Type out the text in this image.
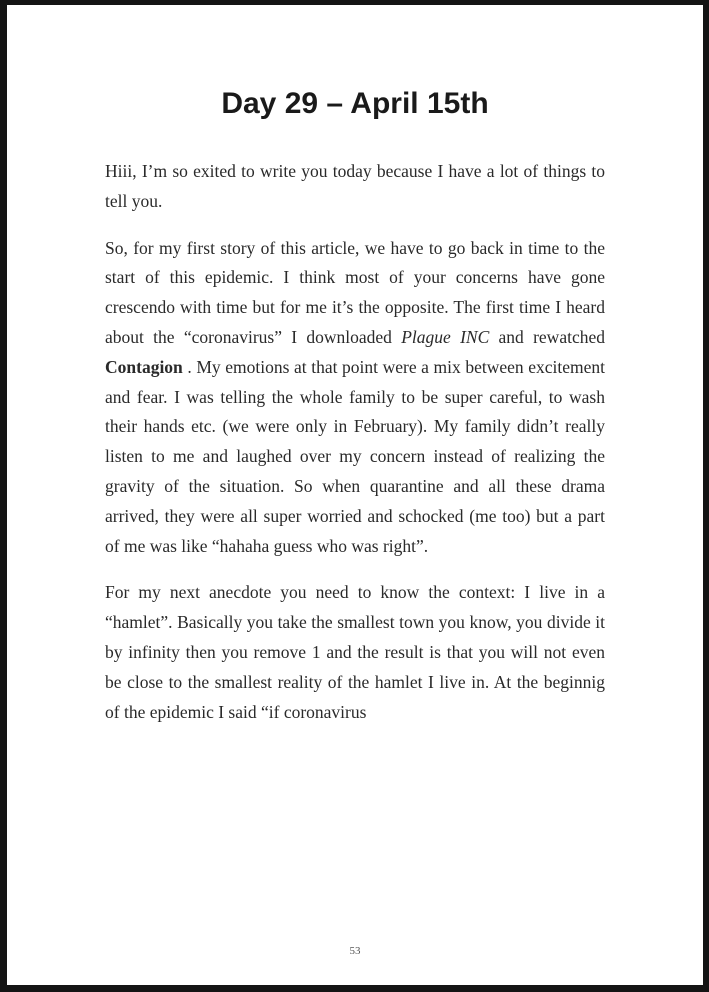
Day 29 – April 15th

Hiii, I’m so exited to write you today because I have a lot of things to tell you.

So, for my first story of this article, we have to go back in time to the start of this epidemic. I think most of your concerns have gone crescendo with time but for me it’s the opposite. The first time I heard about the “coronavirus” I downloaded Plague INC and rewatched Contagion . My emotions at that point were a mix between excitement and fear. I was telling the whole family to be super careful, to wash their hands etc. (we were only in February). My family didn’t really listen to me and laughed over my concern instead of realizing the gravity of the situation. So when quarantine and all these drama arrived, they were all super worried and schocked (me too) but a part of me was like “hahaha guess who was right”.

For my next anecdote you need to know the context: I live in a “hamlet”. Basically you take the smallest town you know, you divide it by infinity then you remove 1 and the result is that you will not even be close to the smallest reality of the hamlet I live in. At the beginnig of the epidemic I said “if coronavirus

53
